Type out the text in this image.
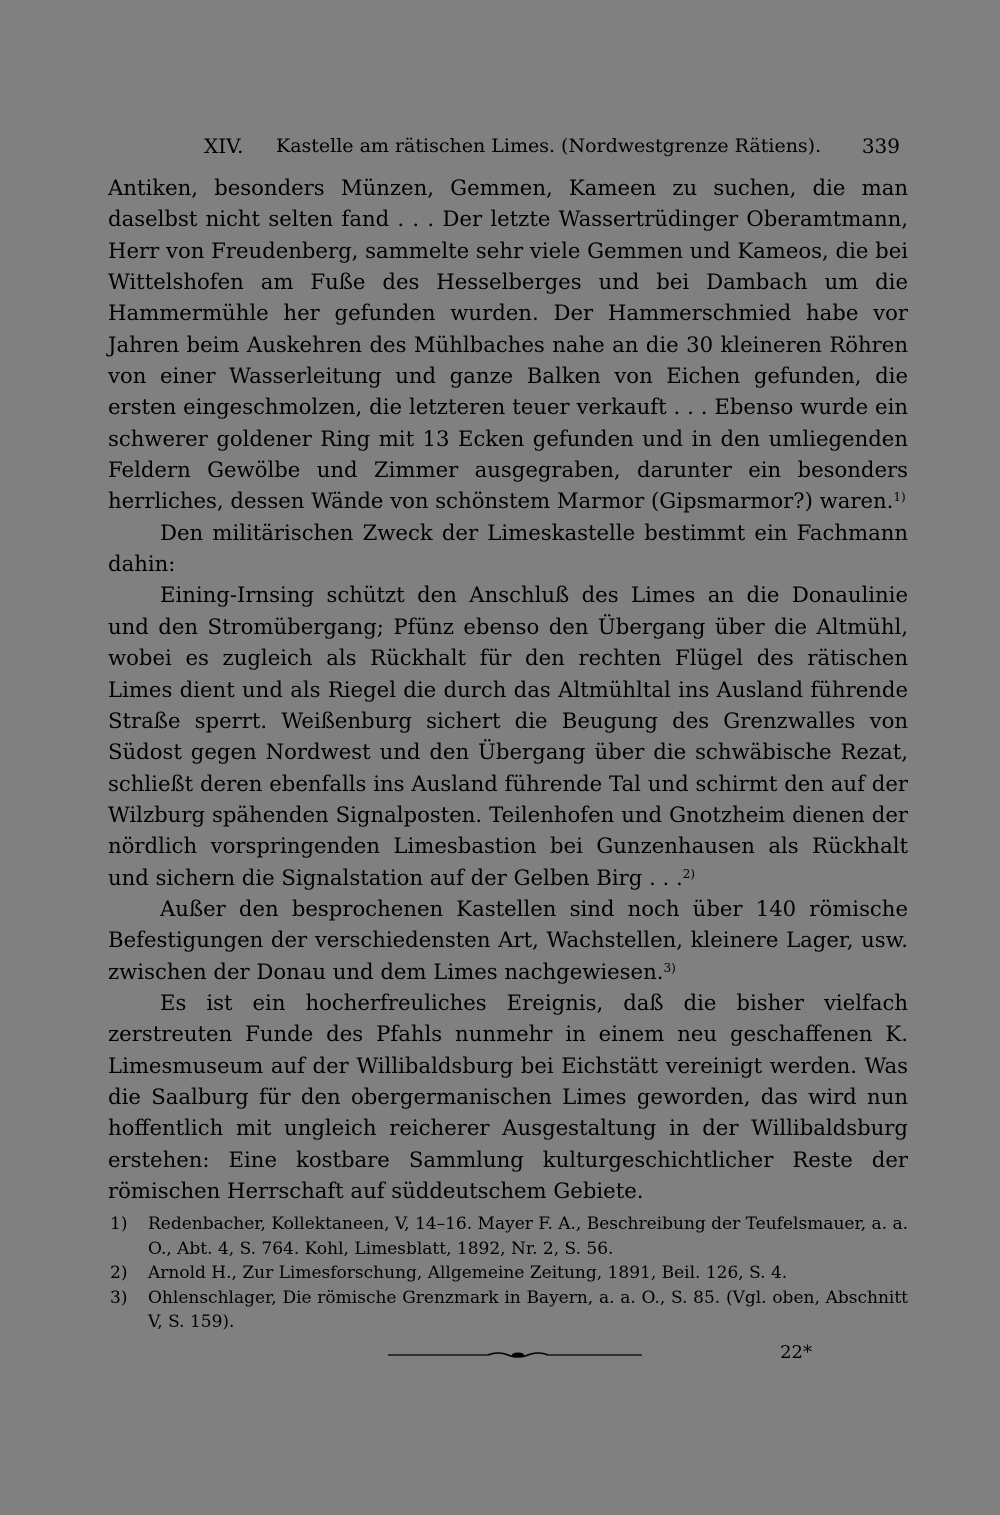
XIV. Kastelle am rätischen Limes. (Nordwestgrenze Rätiens). 339

Antiken, besonders Münzen, Gemmen, Kameen zu suchen, die man daselbst nicht selten fand . . . Der letzte Wassertrüdinger Oberamtmann, Herr von Freudenberg, sammelte sehr viele Gemmen und Kameos, die bei Wittelshofen am Fuße des Hesselberges und bei Dambach um die Hammermühle her gefunden wurden. Der Hammerschmied habe vor Jahren beim Auskehren des Mühlbaches nahe an die 30 kleineren Röhren von einer Wasserleitung und ganze Balken von Eichen gefunden, die ersten eingeschmolzen, die letzteren teuer verkauft . . . Ebenso wurde ein schwerer goldener Ring mit 13 Ecken gefunden und in den umliegenden Feldern Gewölbe und Zimmer ausgegraben, darunter ein besonders herrliches, dessen Wände von schönstem Marmor (Gipsmarmor?) waren.$^{1)}$

Den militärischen Zweck der Limeskastelle bestimmt ein Fachmann dahin:

Eining-Irnsing schützt den Anschluß des Limes an die Donaulinie und den Stromübergang; Pfünz ebenso den Übergang über die Altmühl, wobei es zugleich als Rückhalt für den rechten Flügel des rätischen Limes dient und als Riegel die durch das Altmühltal ins Ausland führende Straße sperrt. Weißenburg sichert die Beugung des Grenzwalles von Südost gegen Nordwest und den Übergang über die schwäbische Rezat, schließt deren ebenfalls ins Ausland führende Tal und schirmt den auf der Wilzburg spähenden Signalposten. Teilenhofen und Gnotzheim dienen der nördlich vorspringenden Limesbastion bei Gunzenhausen als Rückhalt und sichern die Signalstation auf der Gelben Birg . . .$^{2)}$

Außer den besprochenen Kastellen sind noch über 140 römische Befestigungen der verschiedensten Art, Wachstellen, kleinere Lager, usw. zwischen der Donau und dem Limes nachgewiesen.$^{3)}$

Es ist ein hocherfreuliches Ereignis, daß die bisher vielfach zerstreuten Funde des Pfahls nunmehr in einem neu geschaffenen K. Limesmuseum auf der Willibaldsburg bei Eichstätt vereinigt werden. Was die Saalburg für den obergermanischen Limes geworden, das wird nun hoffentlich mit ungleich reicherer Ausgestaltung in der Willibaldsburg erstehen: Eine kostbare Sammlung kulturgeschichtlicher Reste der römischen Herrschaft auf süddeutschem Gebiete.

1) Redenbacher, Kollektaneen, V, 14–16. Mayer F. A., Beschreibung der Teufelsmauer, a. a. O., Abt. 4, S. 764. Kohl, Limesblatt, 1892, Nr. 2, S. 56.

2) Arnold H., Zur Limesforschung, Allgemeine Zeitung, 1891, Beil. 126, S. 4.

3) Ohlenschlager, Die römische Grenzmark in Bayern, a. a. O., S. 85. (Vgl. oben, Abschnitt V, S. 159).

22*
